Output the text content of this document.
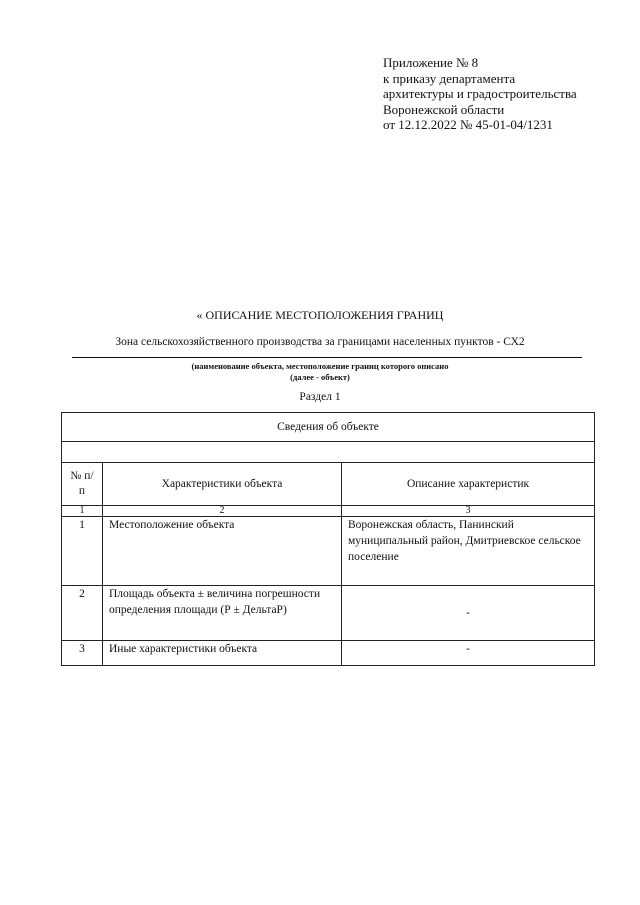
Приложение № 8
к приказу департамента
архитектуры и градостроительства
Воронежской области
от 12.12.2022 № 45-01-04/1231
« ОПИСАНИЕ МЕСТОПОЛОЖЕНИЯ ГРАНИЦ
Зона сельскохозяйственного производства за границами населенных пунктов - СХ2
(наименование объекта, местоположение границ которого описано
(далее - объект)
Раздел 1
Сведения об объекте		

№ п/п	Характеристики объекта	Описание характеристик
1	2	3
1	Местоположение объекта	Воронежская область, Панинский муниципальный район, Дмитриевское сельское поселение
2	Площадь объекта ± величина погрешности определения площади (Р ± ДельтаР)	-
3	Иные характеристики объекта	-
